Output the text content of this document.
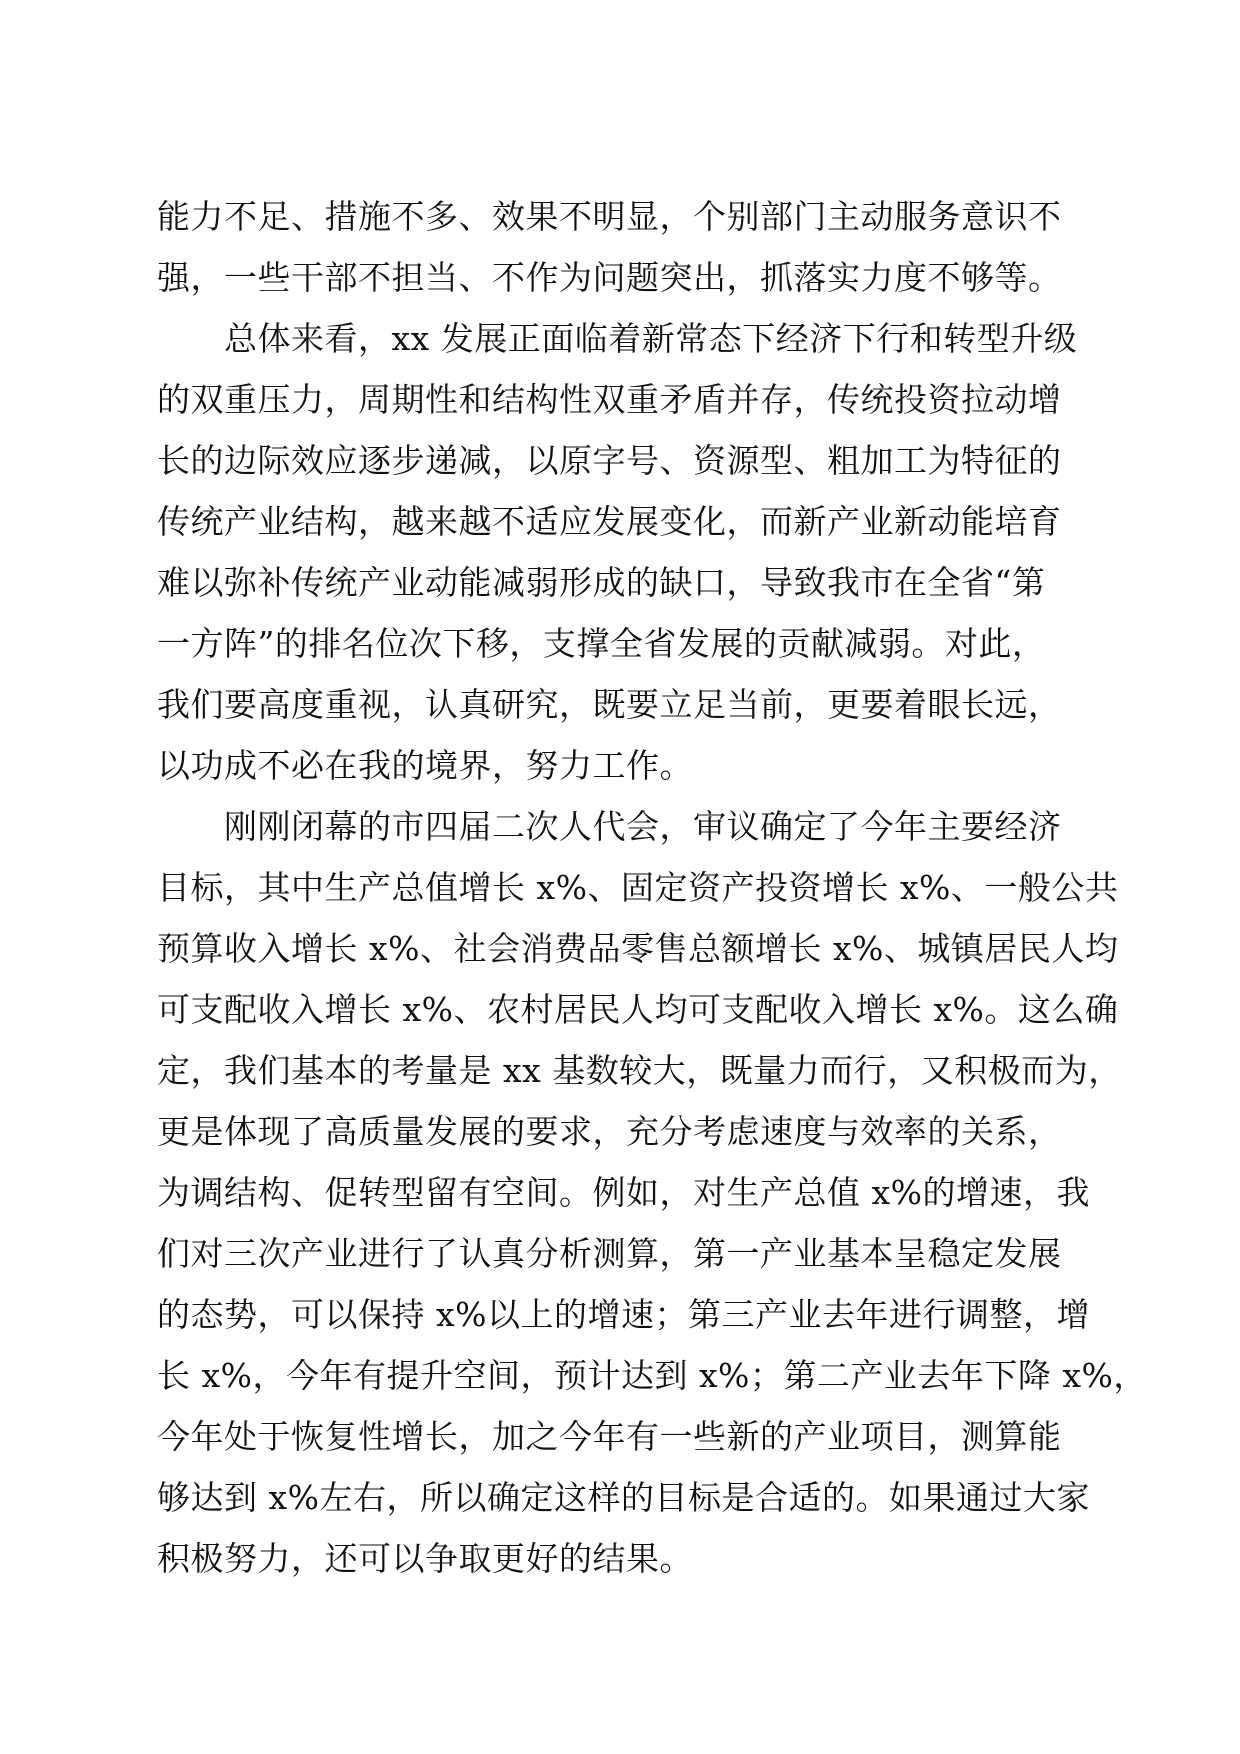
能力不足、措施不多、效果不明显，个别部门主动服务意识不
强，一些干部不担当、不作为问题突出，抓落实力度不够等。
　　总体来看，xx 发展正面临着新常态下经济下行和转型升级
的双重压力，周期性和结构性双重矛盾并存，传统投资拉动增
长的边际效应逐步递减，以原字号、资源型、粗加工为特征的
传统产业结构，越来越不适应发展变化，而新产业新动能培育
难以弥补传统产业动能减弱形成的缺口，导致我市在全省“第
一方阵”的排名位次下移，支撑全省发展的贡献减弱。对此，
我们要高度重视，认真研究，既要立足当前，更要着眼长远，
以功成不必在我的境界，努力工作。
　　刚刚闭幕的市四届二次人代会，审议确定了今年主要经济
目标，其中生产总值增长 x%、固定资产投资增长 x%、一般公共
预算收入增长 x%、社会消费品零售总额增长 x%、城镇居民人均
可支配收入增长 x%、农村居民人均可支配收入增长 x%。这么确
定，我们基本的考量是 xx 基数较大，既量力而行，又积极而为，
更是体现了高质量发展的要求，充分考虑速度与效率的关系，
为调结构、促转型留有空间。例如，对生产总值 x%的增速，我
们对三次产业进行了认真分析测算，第一产业基本呈稳定发展
的态势，可以保持 x%以上的增速；第三产业去年进行调整，增
长 x%，今年有提升空间，预计达到 x%；第二产业去年下降 x%，
今年处于恢复性增长，加之今年有一些新的产业项目，测算能
够达到 x%左右，所以确定这样的目标是合适的。如果通过大家
积极努力，还可以争取更好的结果。
